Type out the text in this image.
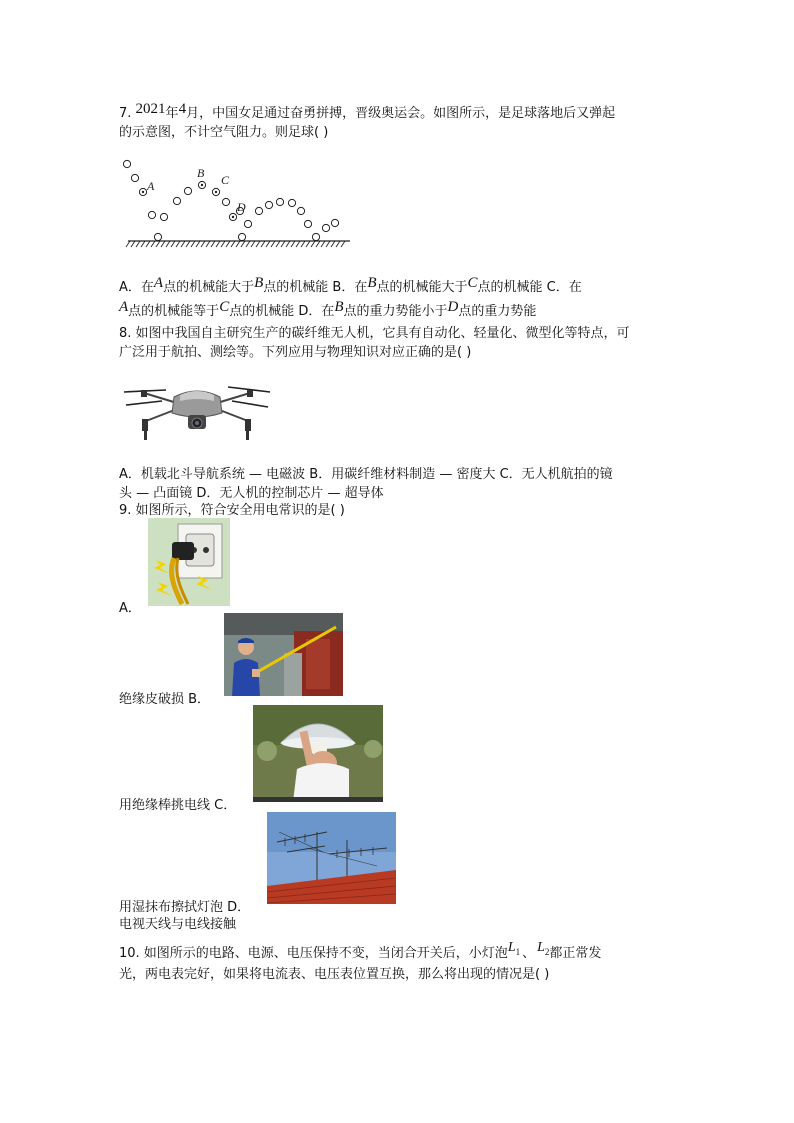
7. 2021年4月，中国女足通过奋勇拼搏，晋级奥运会。如图所示，是足球落地后又弹起
的示意图，不计空气阻力。则足球( )
A
B C
D
A．在A点的机械能大于B点的机械能 B．在B点的机械能大于C点的机械能 C．在
A点的机械能等于C点的机械能 D．在B点的重力势能小于D点的重力势能
8. 如图中我国自主研究生产的碳纤维无人机，它具有自动化、轻量化、微型化等特点，可
广泛用于航拍、测绘等。下列应用与物理知识对应正确的是( )
A．机载北斗导航系统 — 电磁波 B．用碳纤维材料制造 — 密度大 C．无人机航拍的镜
头 — 凸面镜 D．无人机的控制芯片 — 超导体
9. 如图所示，符合安全用电常识的是( )
A．
绝缘皮破损 B．
用绝缘棒挑电线 C．
用湿抹布擦拭灯泡 D．
电视天线与电线接触
10. 如图所示的电路、电源、电压保持不变，当闭合开关后，小灯泡$L_1$ 、 $L_2$都正常发
光，两电表完好，如果将电流表、电压表位置互换，那么将出现的情况是( )
